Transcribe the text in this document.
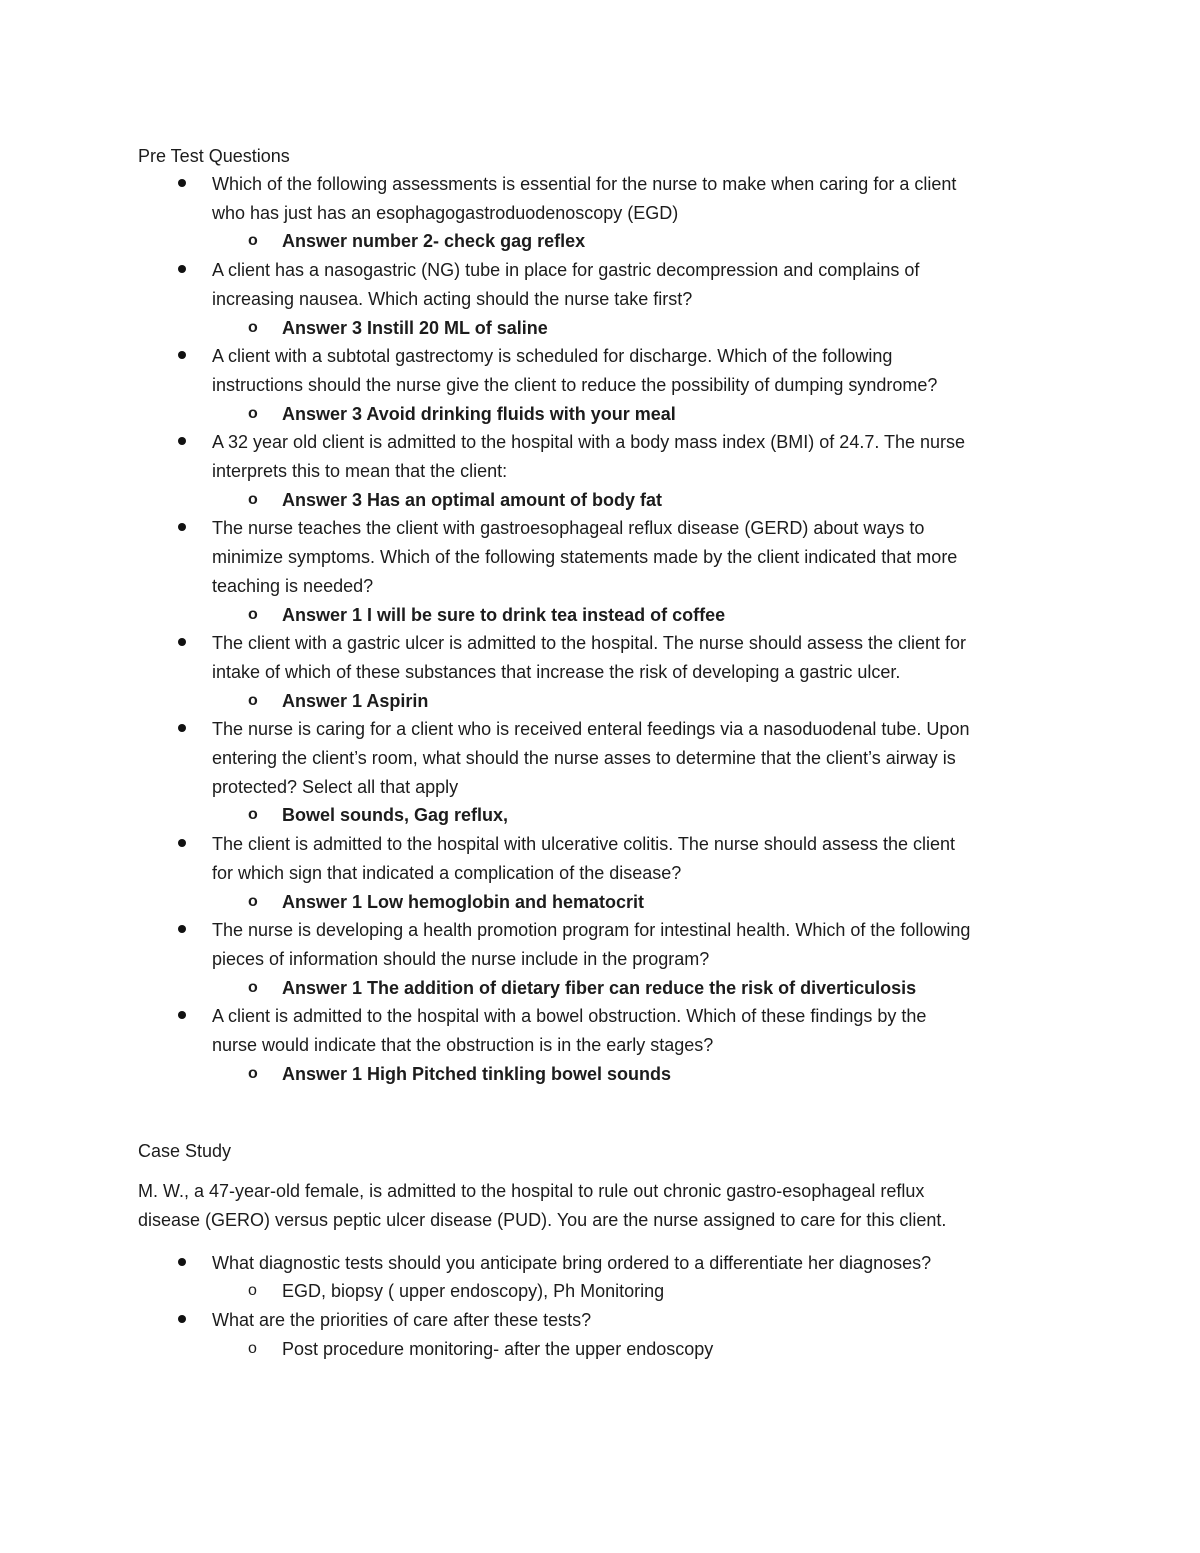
Pre Test Questions

Which of the following assessments is essential for the nurse to make when caring for a client
who has just has an esophagogastroduodenoscopy (EGD)
o Answer number 2- check gag reflex
A client has a nasogastric (NG) tube in place for gastric decompression and complains of
increasing nausea. Which acting should the nurse take first?
o Answer 3 Instill 20 ML of saline
A client with a subtotal gastrectomy is scheduled for discharge. Which of the following
instructions should the nurse give the client to reduce the possibility of dumping syndrome?
o Answer 3 Avoid drinking fluids with your meal
A 32 year old client is admitted to the hospital with a body mass index (BMI) of 24.7. The nurse
interprets this to mean that the client:
o Answer 3 Has an optimal amount of body fat
The nurse teaches the client with gastroesophageal reflux disease (GERD) about ways to
minimize symptoms. Which of the following statements made by the client indicated that more
teaching is needed?
o Answer 1 I will be sure to drink tea instead of coffee
The client with a gastric ulcer is admitted to the hospital. The nurse should assess the client for
intake of which of these substances that increase the risk of developing a gastric ulcer.
o Answer 1 Aspirin
The nurse is caring for a client who is received enteral feedings via a nasoduodenal tube. Upon
entering the client’s room, what should the nurse asses to determine that the client’s airway is
protected? Select all that apply
o Bowel sounds, Gag reflux,
The client is admitted to the hospital with ulcerative colitis. The nurse should assess the client
for which sign that indicated a complication of the disease?
o Answer 1 Low hemoglobin and hematocrit
The nurse is developing a health promotion program for intestinal health. Which of the following
pieces of information should the nurse include in the program?
o Answer 1 The addition of dietary fiber can reduce the risk of diverticulosis
A client is admitted to the hospital with a bowel obstruction. Which of these findings by the
nurse would indicate that the obstruction is in the early stages?
o Answer 1 High Pitched tinkling bowel sounds

Case Study

M. W., a 47-year-old female, is admitted to the hospital to rule out chronic gastro-esophageal reflux
disease (GERO) versus peptic ulcer disease (PUD). You are the nurse assigned to care for this client.

What diagnostic tests should you anticipate bring ordered to a differentiate her diagnoses?
o EGD, biopsy ( upper endoscopy), Ph Monitoring
What are the priorities of care after these tests?
o Post procedure monitoring- after the upper endoscopy
